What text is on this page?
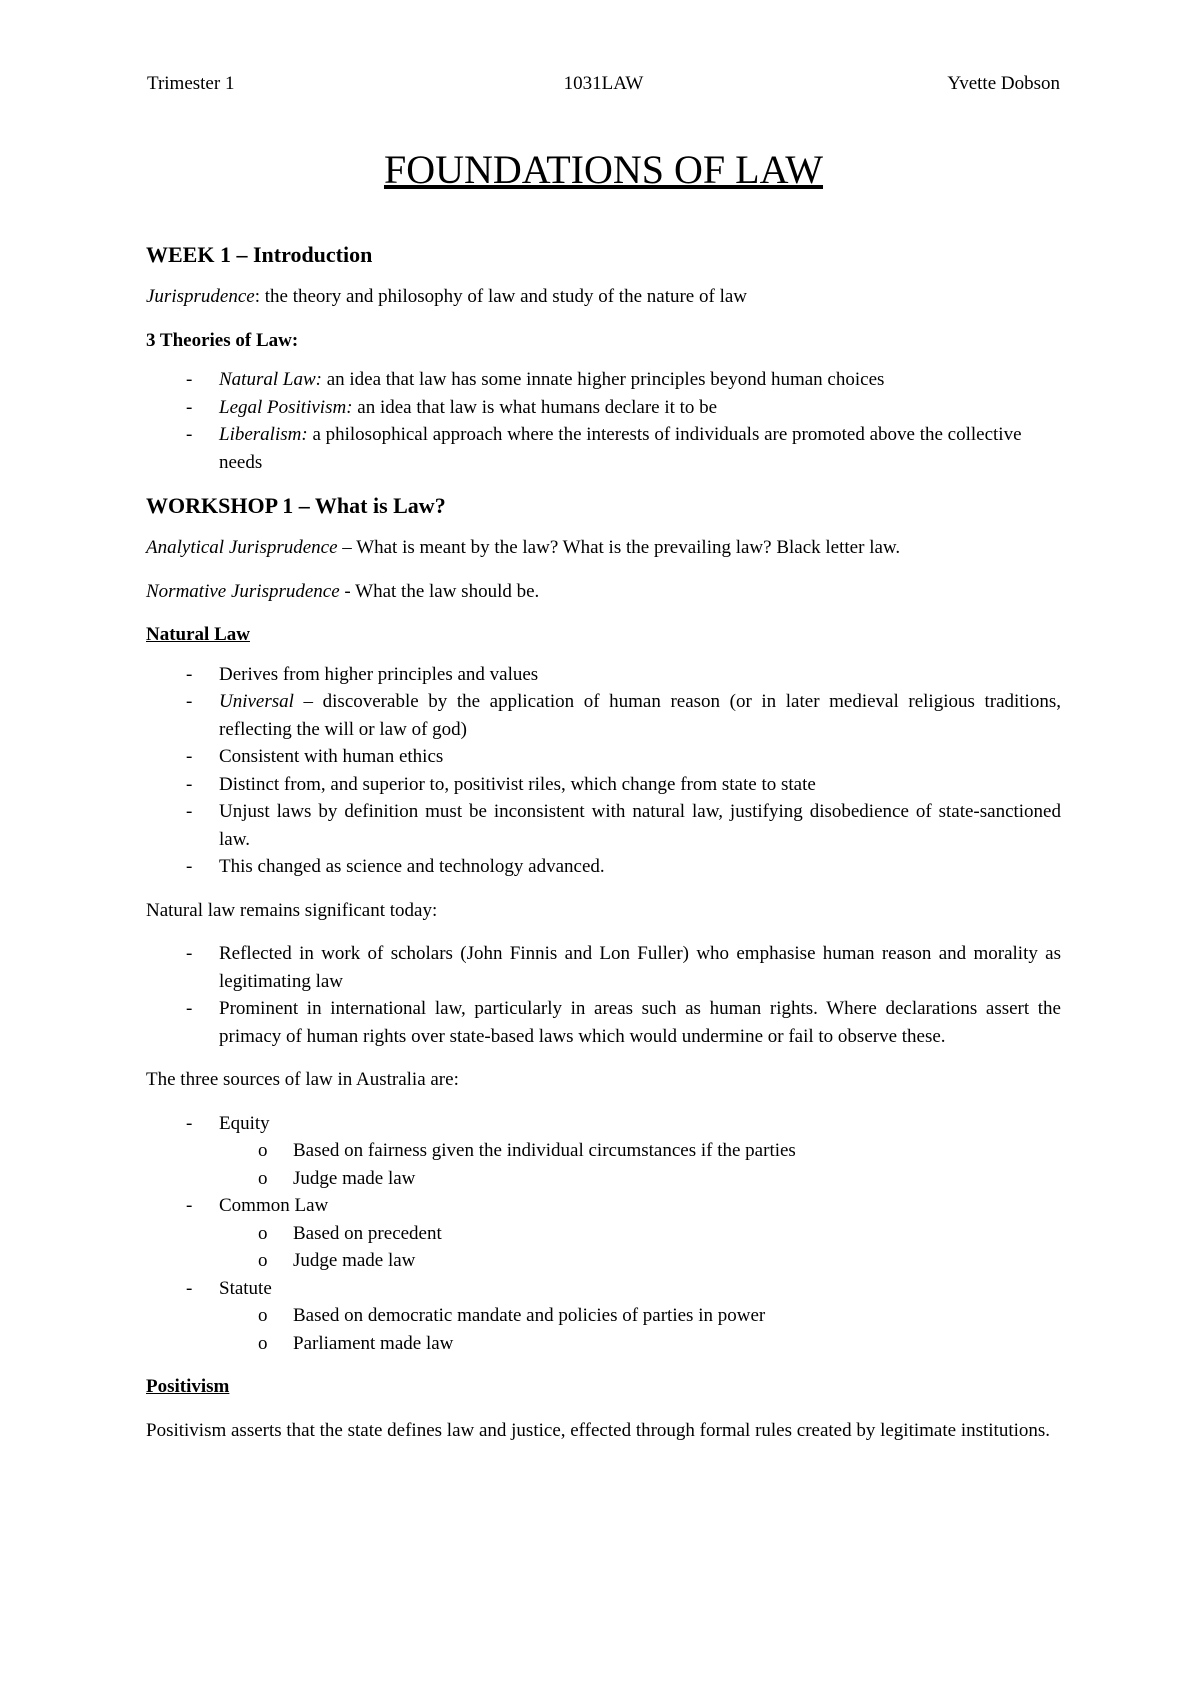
Trimester 1	1031LAW	Yvette Dobson
FOUNDATIONS OF LAW
WEEK 1 – Introduction

Jurisprudence: the theory and philosophy of law and study of the nature of law

3 Theories of Law:

- Natural Law: an idea that law has some innate higher principles beyond human choices
- Legal Positivism: an idea that law is what humans declare it to be
- Liberalism: a philosophical approach where the interests of individuals are promoted above the collective needs
WORKSHOP 1 – What is Law?

Analytical Jurisprudence – What is meant by the law? What is the prevailing law? Black letter law.

Normative Jurisprudence - What the law should be.

Natural Law

- Derives from higher principles and values
- Universal – discoverable by the application of human reason (or in later medieval religious traditions, reflecting the will or law of god)
- Consistent with human ethics
- Distinct from, and superior to, positivist riles, which change from state to state
- Unjust laws by definition must be inconsistent with natural law, justifying disobedience of state-sanctioned law.
- This changed as science and technology advanced.

Natural law remains significant today:

- Reflected in work of scholars (John Finnis and Lon Fuller) who emphasise human reason and morality as legitimating law
- Prominent in international law, particularly in areas such as human rights. Where declarations assert the primacy of human rights over state-based laws which would undermine or fail to observe these.

The three sources of law in Australia are:

- Equity
o Based on fairness given the individual circumstances if the parties
o Judge made law
- Common Law
o Based on precedent
o Judge made law
- Statute
o Based on democratic mandate and policies of parties in power
o Parliament made law

Positivism

Positivism asserts that the state defines law and justice, effected through formal rules created by legitimate institutions.
